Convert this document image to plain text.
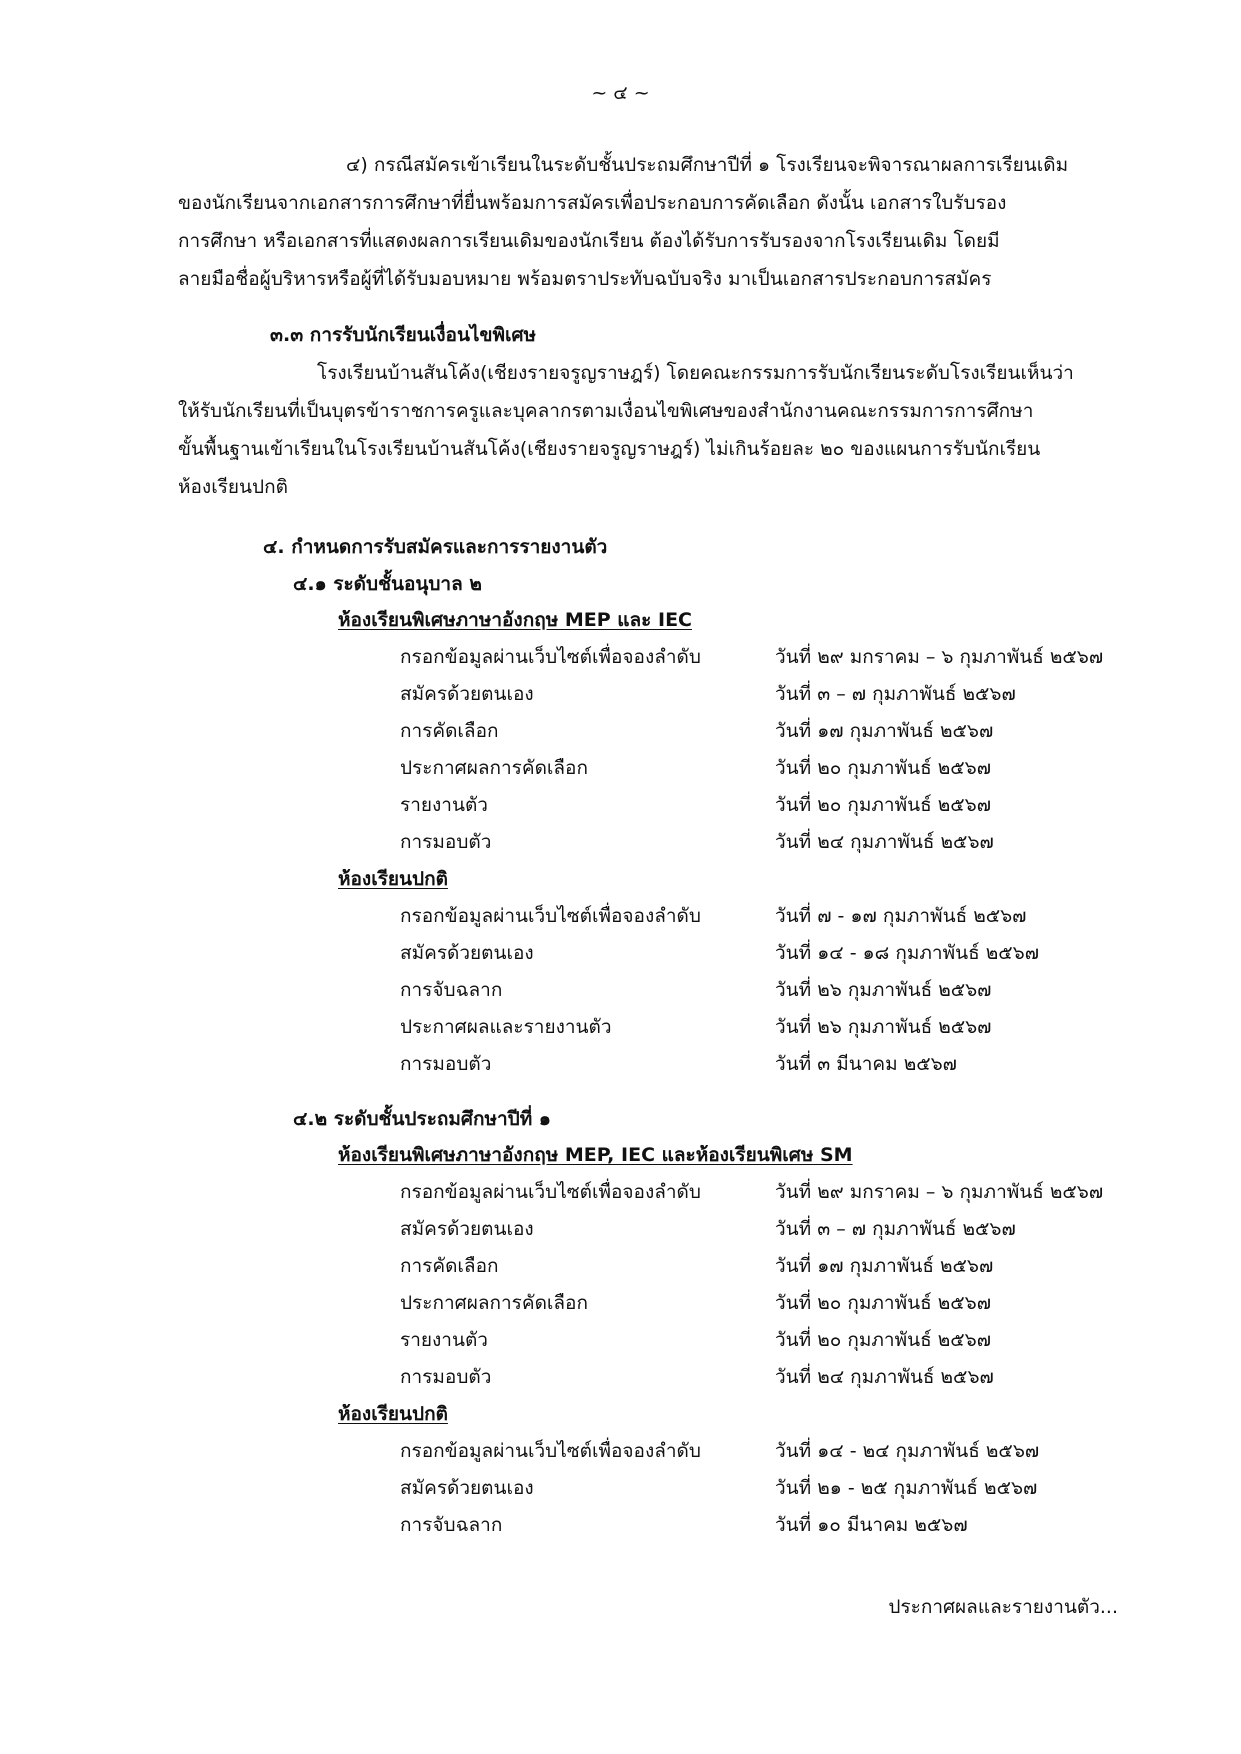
~ ๔ ~
๔) กรณีสมัครเข้าเรียนในระดับชั้นประถมศึกษาปีที่ ๑ โรงเรียนจะพิจารณาผลการเรียนเดิม
ของนักเรียนจากเอกสารการศึกษาที่ยื่นพร้อมการสมัครเพื่อประกอบการคัดเลือก ดังนั้น เอกสารใบรับรอง
การศึกษา หรือเอกสารที่แสดงผลการเรียนเดิมของนักเรียน ต้องได้รับการรับรองจากโรงเรียนเดิม โดยมี
ลายมือชื่อผู้บริหารหรือผู้ที่ได้รับมอบหมาย พร้อมตราประทับฉบับจริง มาเป็นเอกสารประกอบการสมัคร
๓.๓ การรับนักเรียนเงื่อนไขพิเศษ
โรงเรียนบ้านสันโค้ง(เชียงรายจรูญราษฎร์) โดยคณะกรรมการรับนักเรียนระดับโรงเรียนเห็นว่า
ให้รับนักเรียนที่เป็นบุตรข้าราชการครูและบุคลากรตามเงื่อนไขพิเศษของสำนักงานคณะกรรมการการศึกษา
ขั้นพื้นฐานเข้าเรียนในโรงเรียนบ้านสันโค้ง(เชียงรายจรูญราษฎร์) ไม่เกินร้อยละ ๒๐ ของแผนการรับนักเรียน
ห้องเรียนปกติ
๔. กำหนดการรับสมัครและการรายงานตัว
๔.๑ ระดับชั้นอนุบาล ๒
ห้องเรียนพิเศษภาษาอังกฤษ MEP และ IEC
กรอกข้อมูลผ่านเว็บไซต์เพื่อจองลำดับ	วันที่ ๒๙ มกราคม – ๖ กุมภาพันธ์ ๒๕๖๗
สมัครด้วยตนเอง	วันที่ ๓ – ๗ กุมภาพันธ์ ๒๕๖๗
การคัดเลือก	วันที่ ๑๗ กุมภาพันธ์ ๒๕๖๗
ประกาศผลการคัดเลือก	วันที่ ๒๐ กุมภาพันธ์ ๒๕๖๗
รายงานตัว	วันที่ ๒๐ กุมภาพันธ์ ๒๕๖๗
การมอบตัว	วันที่ ๒๔ กุมภาพันธ์ ๒๕๖๗
ห้องเรียนปกติ
กรอกข้อมูลผ่านเว็บไซต์เพื่อจองลำดับ	วันที่ ๗ - ๑๗ กุมภาพันธ์ ๒๕๖๗
สมัครด้วยตนเอง	วันที่ ๑๔ - ๑๘ กุมภาพันธ์ ๒๕๖๗
การจับฉลาก	วันที่ ๒๖ กุมภาพันธ์ ๒๕๖๗
ประกาศผลและรายงานตัว	วันที่ ๒๖ กุมภาพันธ์ ๒๕๖๗
การมอบตัว	วันที่ ๓ มีนาคม ๒๕๖๗
๔.๒ ระดับชั้นประถมศึกษาปีที่ ๑
ห้องเรียนพิเศษภาษาอังกฤษ MEP, IEC และห้องเรียนพิเศษ SM
กรอกข้อมูลผ่านเว็บไซต์เพื่อจองลำดับ	วันที่ ๒๙ มกราคม – ๖ กุมภาพันธ์ ๒๕๖๗
สมัครด้วยตนเอง	วันที่ ๓ – ๗ กุมภาพันธ์ ๒๕๖๗
การคัดเลือก	วันที่ ๑๗ กุมภาพันธ์ ๒๕๖๗
ประกาศผลการคัดเลือก	วันที่ ๒๐ กุมภาพันธ์ ๒๕๖๗
รายงานตัว	วันที่ ๒๐ กุมภาพันธ์ ๒๕๖๗
การมอบตัว	วันที่ ๒๔ กุมภาพันธ์ ๒๕๖๗
ห้องเรียนปกติ
กรอกข้อมูลผ่านเว็บไซต์เพื่อจองลำดับ	วันที่ ๑๔ - ๒๔ กุมภาพันธ์ ๒๕๖๗
สมัครด้วยตนเอง	วันที่ ๒๑ - ๒๕ กุมภาพันธ์ ๒๕๖๗
การจับฉลาก	วันที่ ๑๐ มีนาคม ๒๕๖๗
ประกาศผลและรายงานตัว...
